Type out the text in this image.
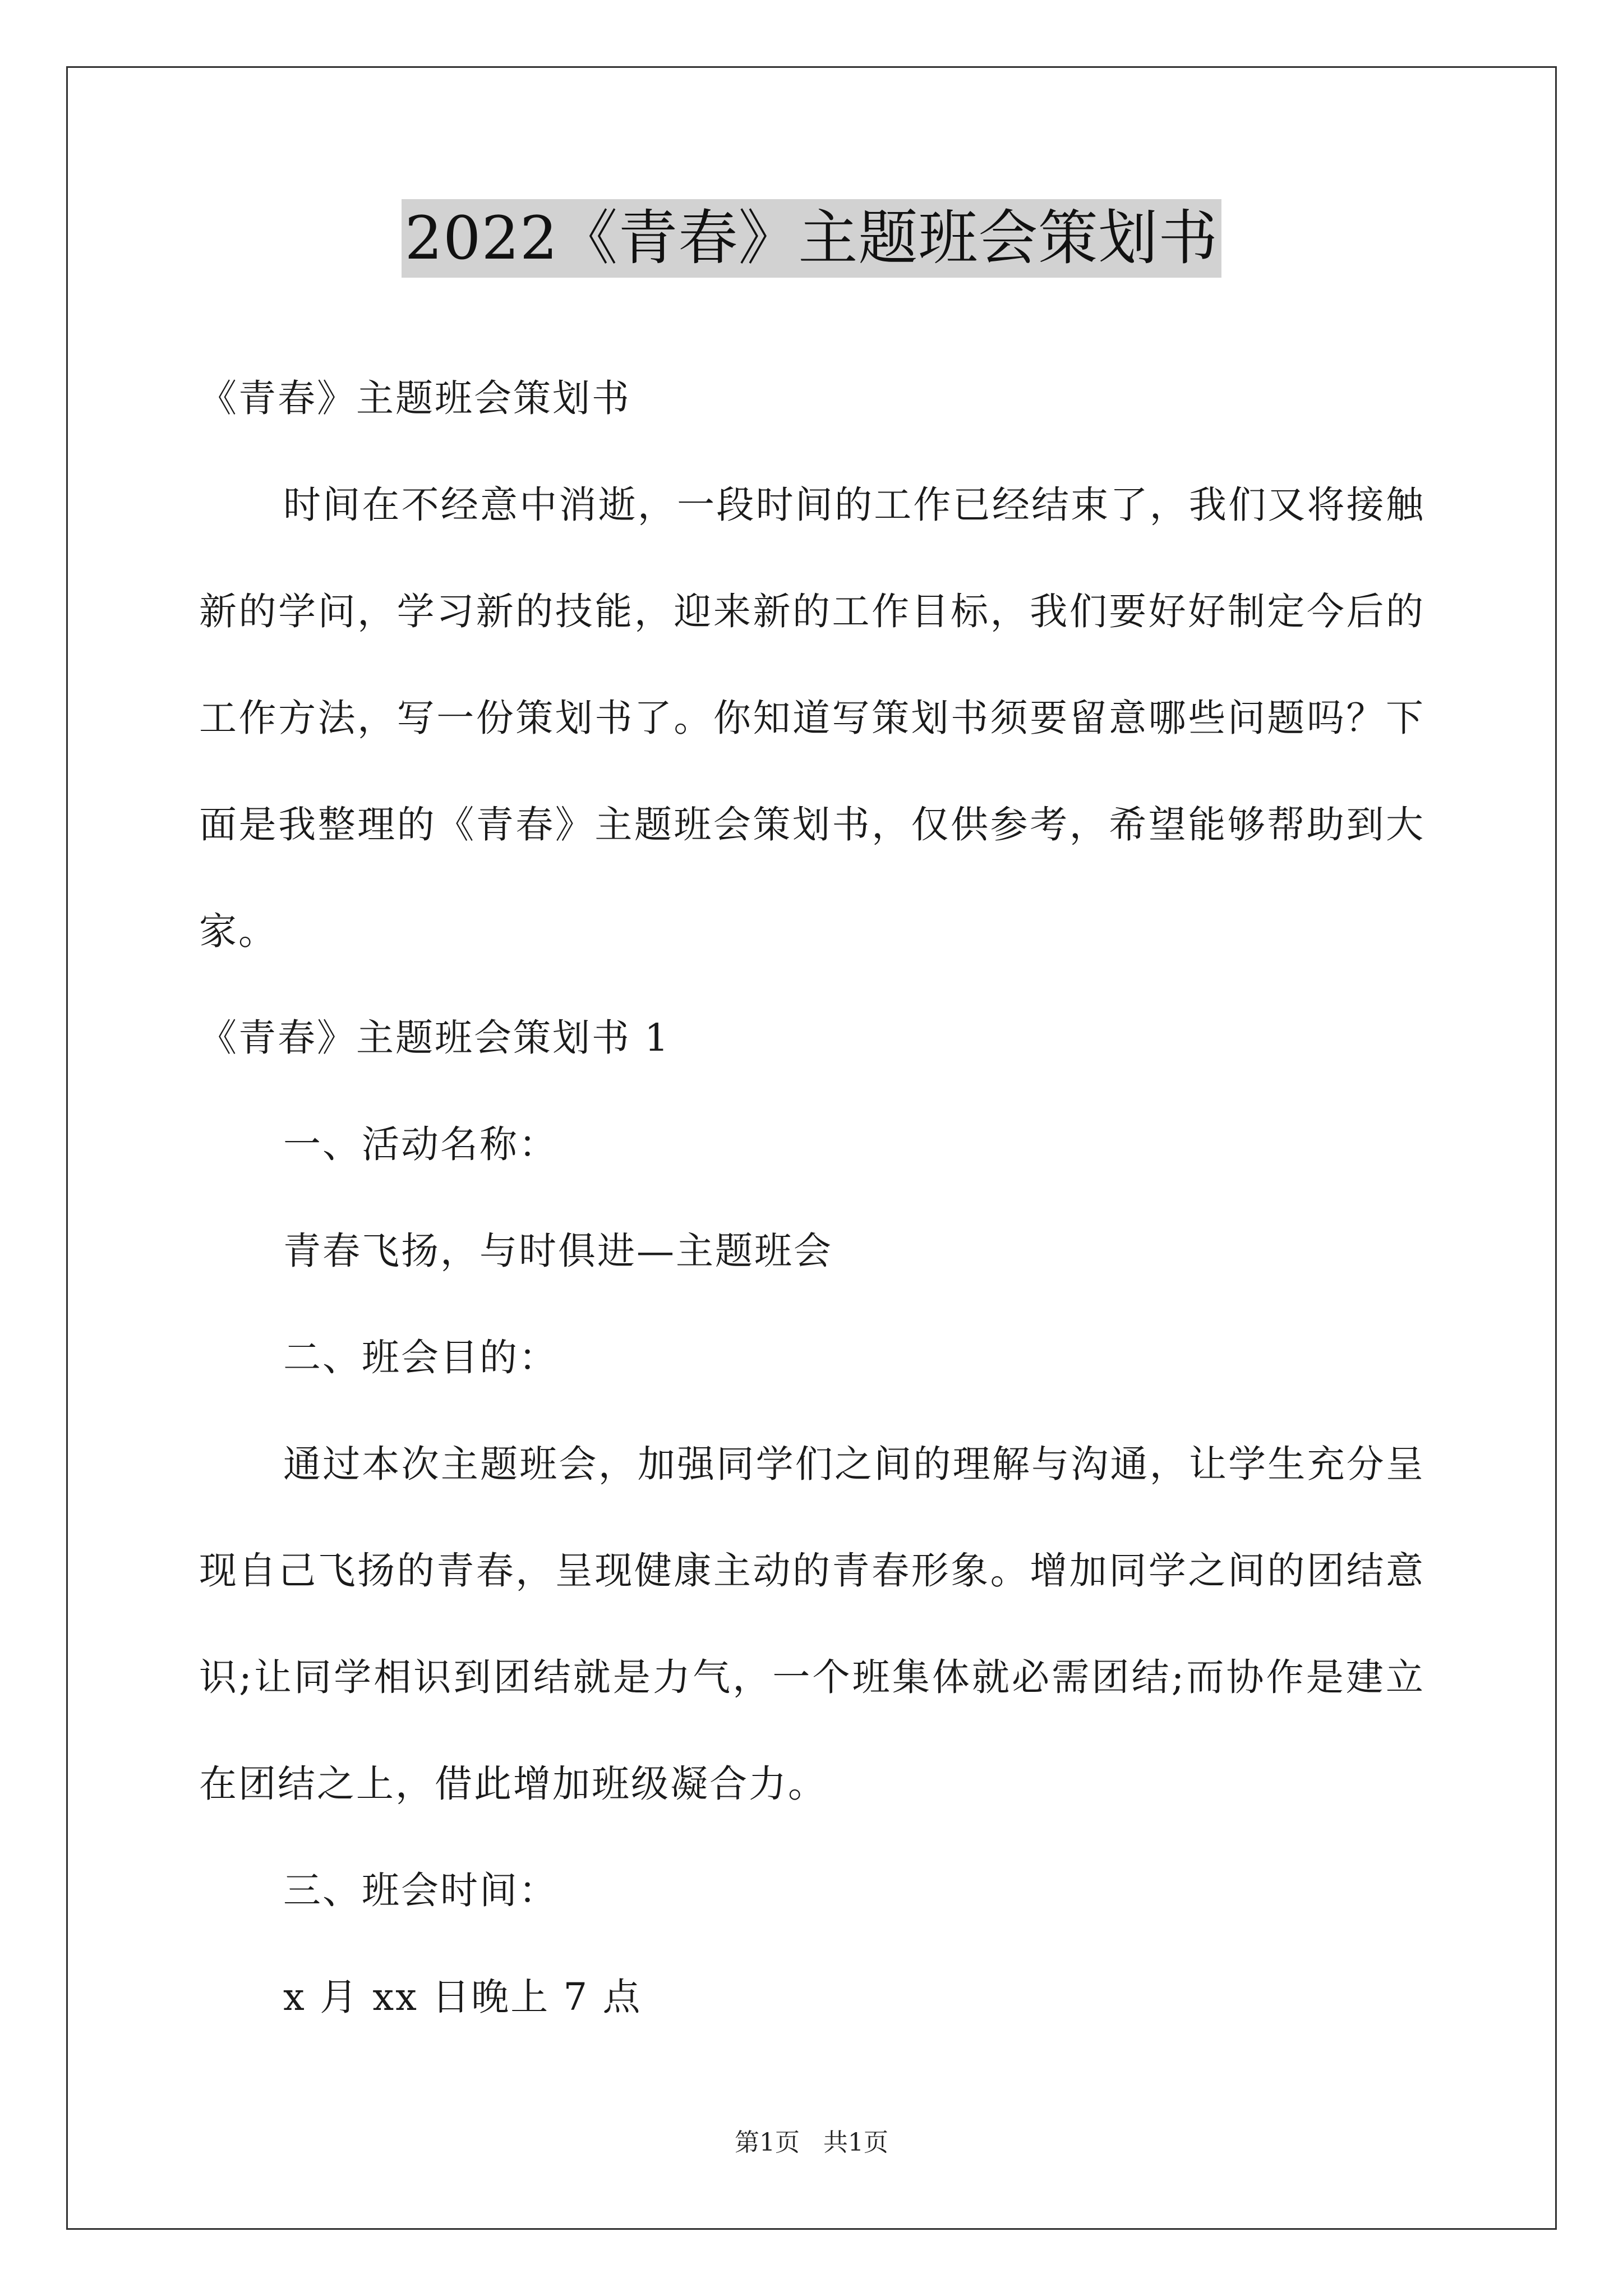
2022《青春》主题班会策划书

《青春》主题班会策划书

时间在不经意中消逝，一段时间的工作已经结束了，我们又将接触新的学问，学习新的技能，迎来新的工作目标，我们要好好制定今后的工作方法，写一份策划书了。你知道写策划书须要留意哪些问题吗？下面是我整理的《青春》主题班会策划书，仅供参考，希望能够帮助到大家。

《青春》主题班会策划书 1

一、活动名称：

青春飞扬，与时俱进—主题班会

二、班会目的：

通过本次主题班会，加强同学们之间的理解与沟通，让学生充分呈现自己飞扬的青春，呈现健康主动的青春形象。增加同学之间的团结意识;让同学相识到团结就是力气，一个班集体就必需团结;而协作是建立在团结之上，借此增加班级凝合力。

三、班会时间：

x 月 xx 日晚上 7 点

第1页 共1页
